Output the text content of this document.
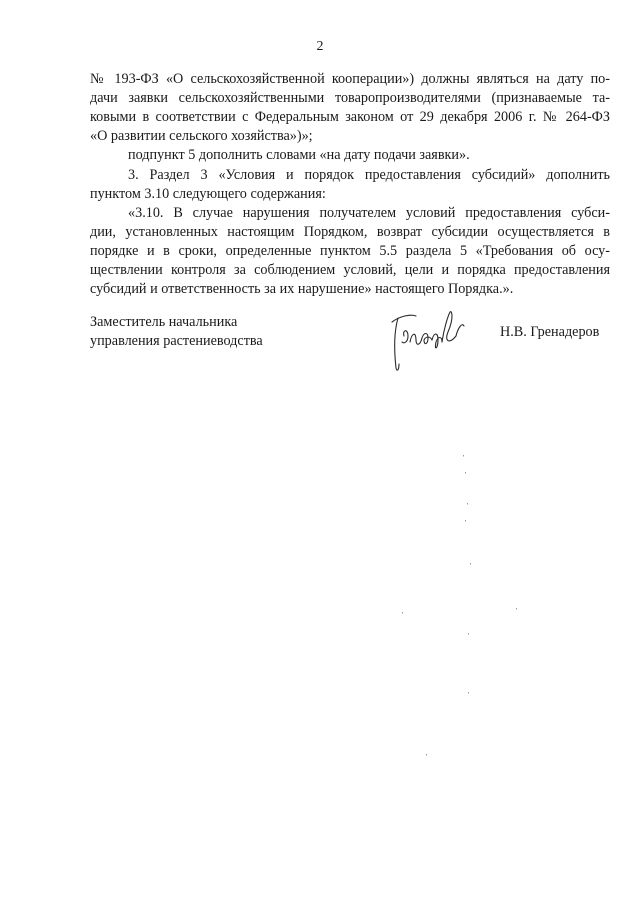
2
№ 193-ФЗ «О сельскохозяйственной кооперации») должны являться на дату по-
дачи заявки сельскохозяйственными товаропроизводителями (признаваемые та-
ковыми в соответствии с Федеральным законом от 29 декабря 2006 г. № 264-ФЗ
«О развитии сельского хозяйства»)»;
подпункт 5 дополнить словами «на дату подачи заявки».
3. Раздел 3 «Условия и порядок предоставления субсидий» дополнить
пунктом 3.10 следующего содержания:
«3.10. В случае нарушения получателем условий предоставления субси-
дии, установленных настоящим Порядком, возврат субсидии осуществляется в
порядке и в сроки, определенные пунктом 5.5 раздела 5 «Требования об осу-
ществлении контроля за соблюдением условий, цели и порядка предоставления
субсидий и ответственность за их нарушение» настоящего Порядка.».
Заместитель начальника
управления растениеводства
Н.В. Гренадеров
